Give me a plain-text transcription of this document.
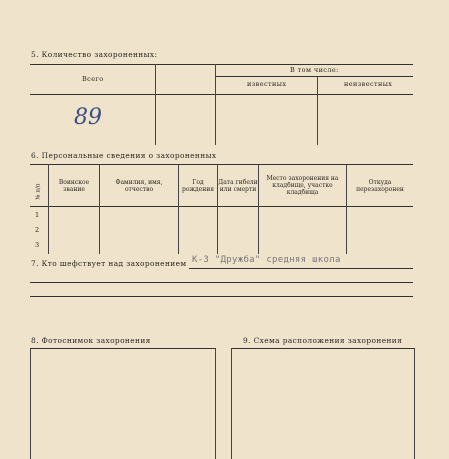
5. Количество захороненных:
Всего
В том числе:
известных	неизвестных
89
6. Персональные сведения о захороненных
№ п/п
Воинское звание
Фамилия, имя, отчество
Год рождения
Дата гибели или смерти
Место захоронения на кладбище, участке кладбища
Откуда перезахоронен
1
2
3
7. Кто шефствует над захоронением К-З "Дружба" средняя школа
8. Фотоснимок захоронения	9. Схема расположения захоронения
